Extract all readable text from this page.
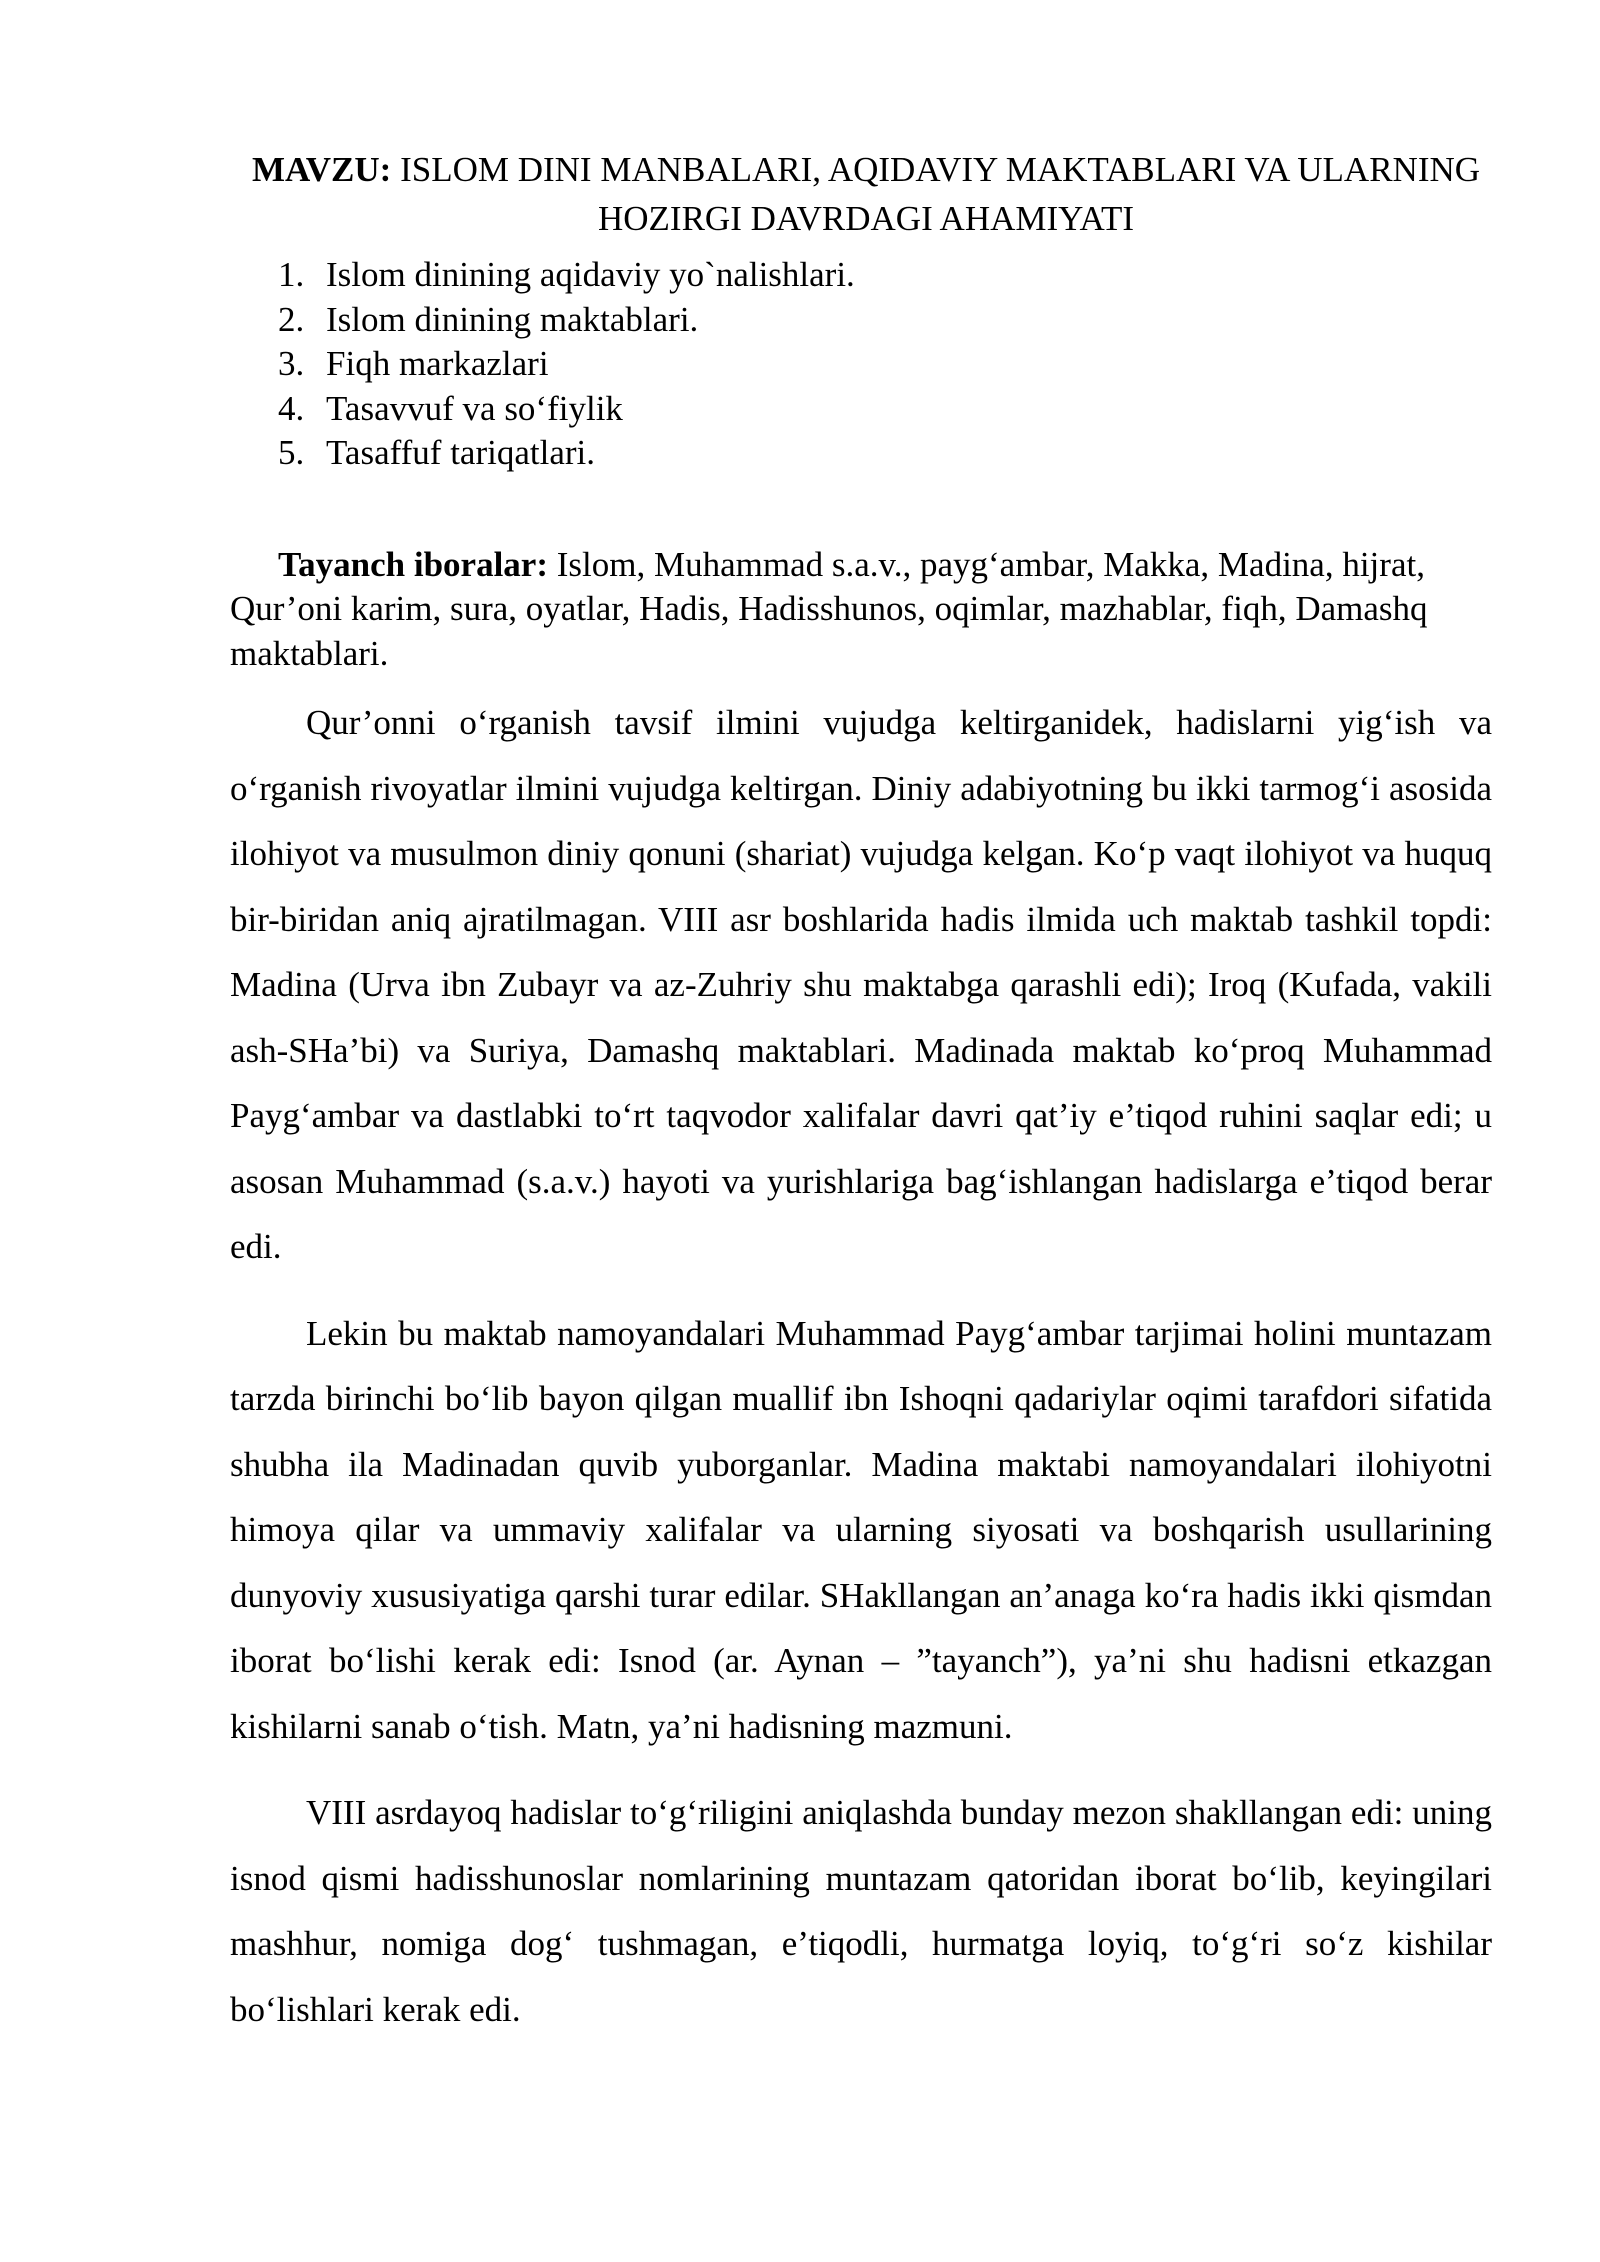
MAVZU: ISLOM DINI MANBALARI, AQIDAVIY MAKTABLARI VA ULARNING HOZIRGI DAVRDAGI AHAMIYATI
1. Islom dinining aqidaviy yo`nalishlari.
2. Islom dinining maktablari.
3. Fiqh markazlari
4. Tasavvuf va so‘fiylik
5. Tasaffuf tariqatlari.

Tayanch iboralar: Islom, Muhammad s.a.v., payg‘ambar, Makka, Madina, hijrat, Qur’oni karim, sura, oyatlar, Hadis, Hadisshunos, oqimlar, mazhablar, fiqh, Damashq maktablari.

Qur’onni o‘rganish tavsif ilmini vujudga keltirganidek, hadislarni yig‘ish va o‘rganish rivoyatlar ilmini vujudga keltirgan. Diniy adabiyotning bu ikki tarmog‘i asosida ilohiyot va musulmon diniy qonuni (shariat) vujudga kelgan. Ko‘p vaqt ilohiyot va huquq bir-biridan aniq ajratilmagan. VIII asr boshlarida hadis ilmida uch maktab tashkil topdi: Madina (Urva ibn Zubayr va az-Zuhriy shu maktabga qarashli edi); Iroq (Kufada, vakili ash-SHa’bi) va Suriya, Damashq maktablari. Madinada maktab ko‘proq Muhammad Payg‘ambar va dastlabki to‘rt taqvodor xalifalar davri qat’iy e’tiqod ruhini saqlar edi; u asosan Muhammad (s.a.v.) hayoti va yurishlariga bag‘ishlangan hadislarga e’tiqod berar edi.

Lekin bu maktab namoyandalari Muhammad Payg‘ambar tarjimai holini muntazam tarzda birinchi bo‘lib bayon qilgan muallif ibn Ishoqni qadariylar oqimi tarafdori sifatida shubha ila Madinadan quvib yuborganlar. Madina maktabi namoyandalari ilohiyotni himoya qilar va ummaviy xalifalar va ularning siyosati va boshqarish usullarining dunyoviy xususiyatiga qarshi turar edilar. SHakllangan an’anaga ko‘ra hadis ikki qismdan iborat bo‘lishi kerak edi: Isnod (ar. Aynan – ”tayanch”), ya’ni shu hadisni etkazgan kishilarni sanab o‘tish. Matn, ya’ni hadisning mazmuni.

VIII asrdayoq hadislar to‘g‘riligini aniqlashda bunday mezon shakllangan edi: uning isnod qismi hadisshunoslar nomlarining muntazam qatoridan iborat bo‘lib, keyingilari mashhur, nomiga dog‘ tushmagan, e’tiqodli, hurmatga loyiq, to‘g‘ri so‘z kishilar bo‘lishlari kerak edi.
